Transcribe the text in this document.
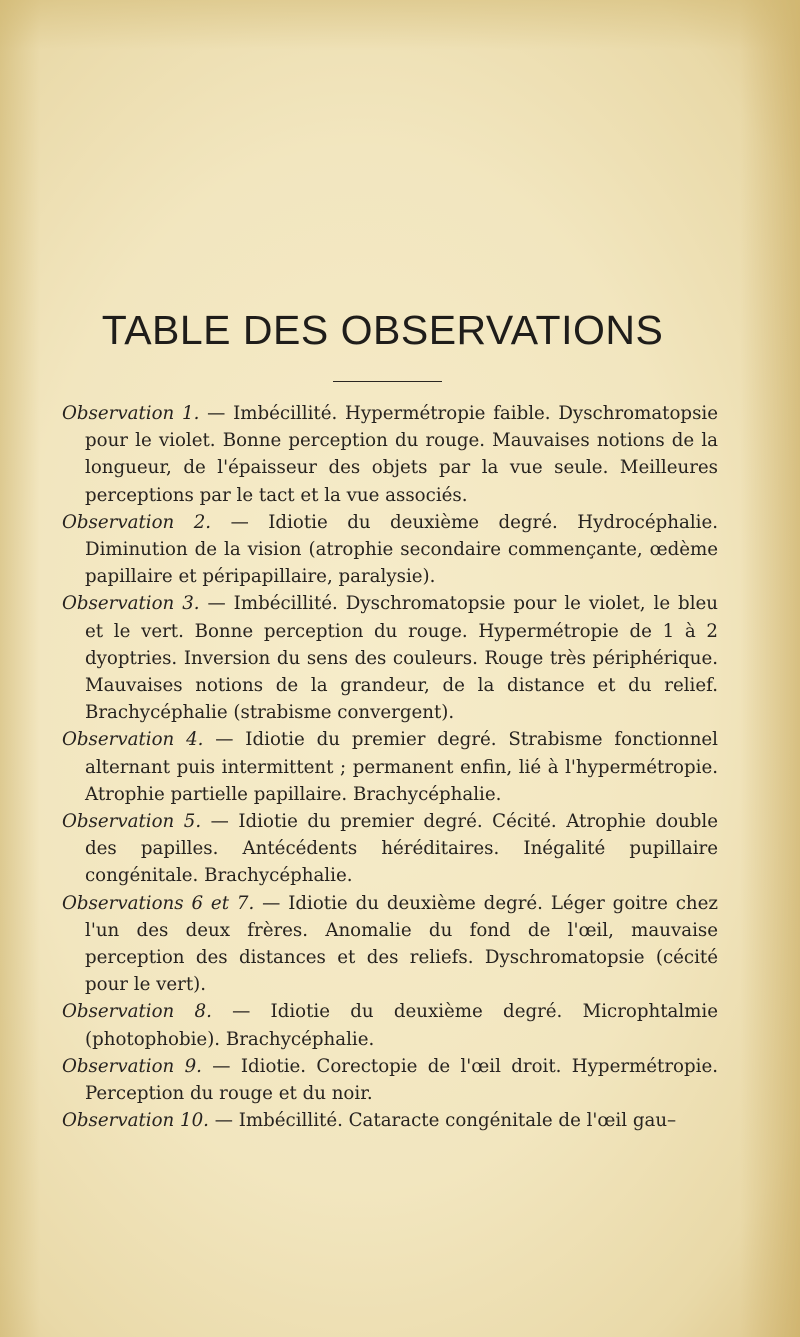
TABLE DES OBSERVATIONS

Observation 1. — Imbécillité. Hypermétropie faible. Dyschromatopsie pour le violet. Bonne perception du rouge. Mauvaises notions de la longueur, de l'épaisseur des objets par la vue seule. Meilleures perceptions par le tact et la vue associés.

Observation 2. — Idiotie du deuxième degré. Hydrocéphalie. Diminution de la vision (atrophie secondaire commençante, œdème papillaire et péripapillaire, paralysie).

Observation 3. — Imbécillité. Dyschromatopsie pour le violet, le bleu et le vert. Bonne perception du rouge. Hypermétropie de 1 à 2 dyoptries. Inversion du sens des couleurs. Rouge très périphérique. Mauvaises notions de la grandeur, de la distance et du relief. Brachycéphalie (strabisme convergent).

Observation 4. — Idiotie du premier degré. Strabisme fonctionnel alternant puis intermittent ; permanent enfin, lié à l'hypermétropie. Atrophie partielle papillaire. Brachycéphalie.

Observation 5. — Idiotie du premier degré. Cécité. Atrophie double des papilles. Antécédents héréditaires. Inégalité pupillaire congénitale. Brachycéphalie.

Observations 6 et 7. — Idiotie du deuxième degré. Léger goitre chez l'un des deux frères. Anomalie du fond de l'œil, mauvaise perception des distances et des reliefs. Dyschromatopsie (cécité pour le vert).

Observation 8. — Idiotie du deuxième degré. Microphtalmie (photophobie). Brachycéphalie.

Observation 9. — Idiotie. Corectopie de l'œil droit. Hypermétropie. Perception du rouge et du noir.

Observation 10. — Imbécillité. Cataracte congénitale de l'œil gau–
